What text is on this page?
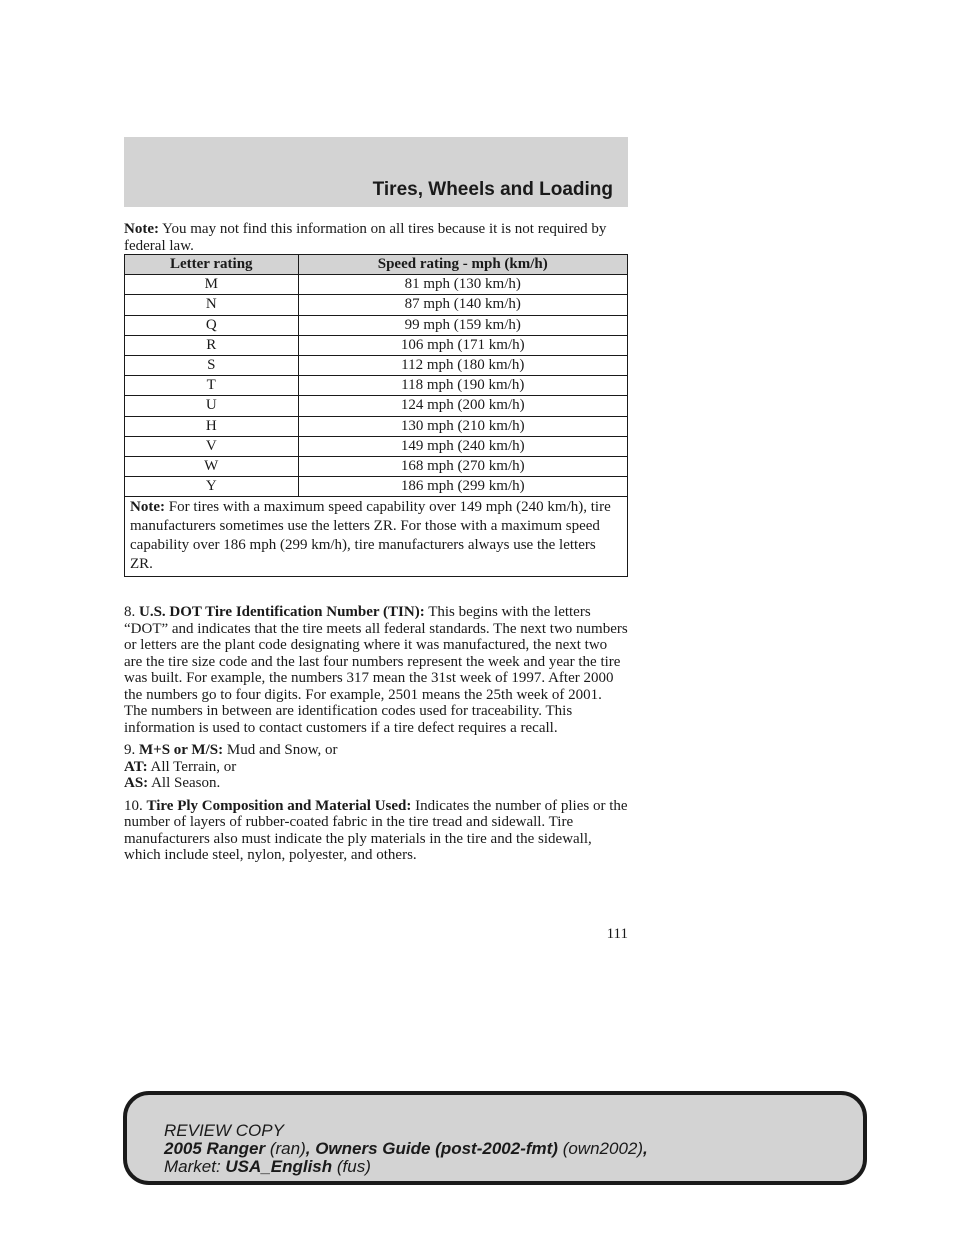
Tires, Wheels and Loading

Note: You may not find this information on all tires because it is not required by federal law.

Letter rating	Speed rating - mph (km/h)
M	81 mph (130 km/h)
N	87 mph (140 km/h)
Q	99 mph (159 km/h)
R	106 mph (171 km/h)
S	112 mph (180 km/h)
T	118 mph (190 km/h)
U	124 mph (200 km/h)
H	130 mph (210 km/h)
V	149 mph (240 km/h)
W	168 mph (270 km/h)
Y	186 mph (299 km/h)
Note: For tires with a maximum speed capability over 149 mph (240 km/h), tire manufacturers sometimes use the letters ZR. For those with a maximum speed capability over 186 mph (299 km/h), tire manufacturers always use the letters ZR.	

8. U.S. DOT Tire Identification Number (TIN): This begins with the letters “DOT” and indicates that the tire meets all federal standards. The next two numbers or letters are the plant code designating where it was manufactured, the next two are the tire size code and the last four numbers represent the week and year the tire was built. For example, the numbers 317 mean the 31st week of 1997. After 2000 the numbers go to four digits. For example, 2501 means the 25th week of 2001. The numbers in between are identification codes used for traceability. This information is used to contact customers if a tire defect requires a recall.

9. M+S or M/S: Mud and Snow, or
AT: All Terrain, or
AS: All Season.

10. Tire Ply Composition and Material Used: Indicates the number of plies or the number of layers of rubber-coated fabric in the tire tread and sidewall. Tire manufacturers also must indicate the ply materials in the tire and the sidewall, which include steel, nylon, polyester, and others.

111
REVIEW COPY
2005 Ranger (ran), Owners Guide (post-2002-fmt) (own2002),
Market: USA_English (fus)
